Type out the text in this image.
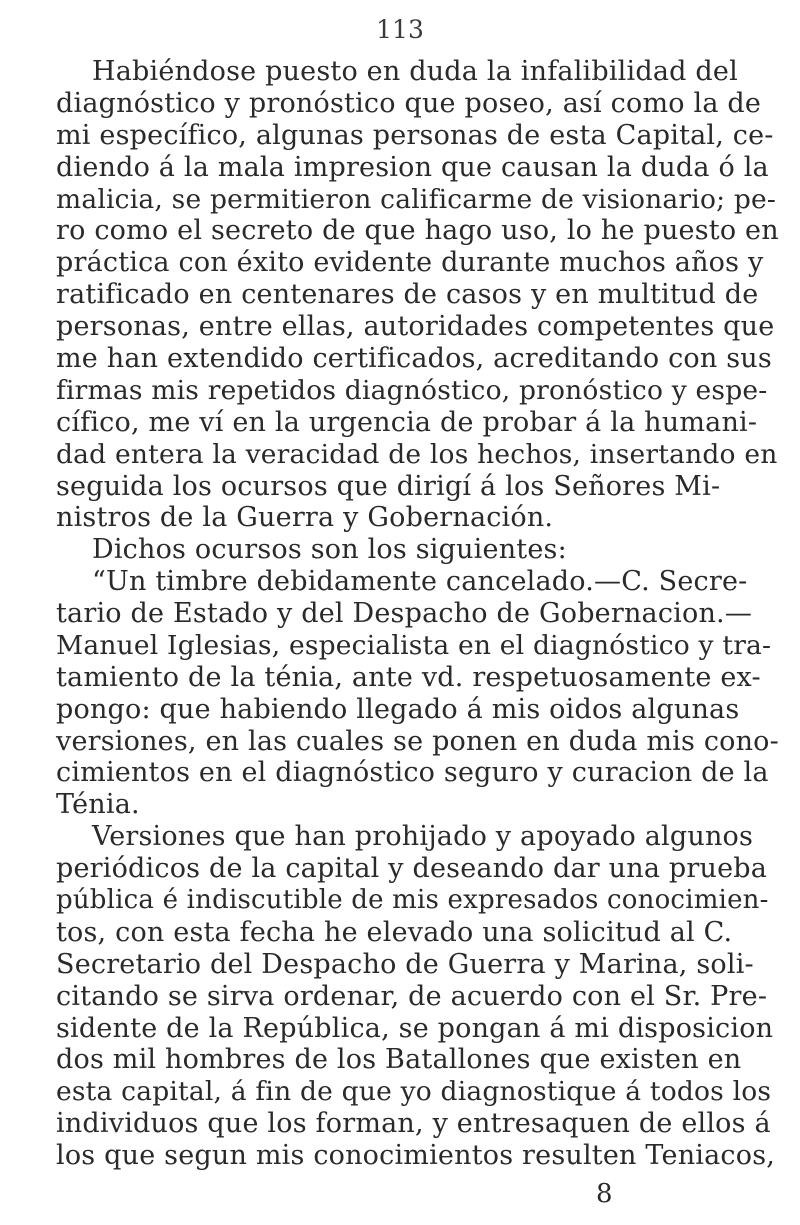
113
Habiéndose puesto en duda la infalibilidad del
diagnóstico y pronóstico que poseo, así como la de
mi específico, algunas personas de esta Capital, ce-
diendo á la mala impresion que causan la duda ó la
malicia, se permitieron calificarme de visionario; pe-
ro como el secreto de que hago uso, lo he puesto en
práctica con éxito evidente durante muchos años y
ratificado en centenares de casos y en multitud de
personas, entre ellas, autoridades competentes que
me han extendido certificados, acreditando con sus
firmas mis repetidos diagnóstico, pronóstico y espe-
cífico, me ví en la urgencia de probar á la humani-
dad entera la veracidad de los hechos, insertando en
seguida los ocursos que dirigí á los Señores Mi-
nistros de la Guerra y Gobernación.
Dichos ocursos son los siguientes:
“Un timbre debidamente cancelado.—C. Secre-
tario de Estado y del Despacho de Gobernacion.—
Manuel Iglesias, especialista en el diagnóstico y tra-
tamiento de la ténia, ante vd. respetuosamente ex-
pongo: que habiendo llegado á mis oidos algunas
versiones, en las cuales se ponen en duda mis cono-
cimientos en el diagnóstico seguro y curacion de la
Ténia.
Versiones que han prohijado y apoyado algunos
periódicos de la capital y deseando dar una prueba
pública é indiscutible de mis expresados conocimien-
tos, con esta fecha he elevado una solicitud al C.
Secretario del Despacho de Guerra y Marina, soli-
citando se sirva ordenar, de acuerdo con el Sr. Pre-
sidente de la República, se pongan á mi disposicion
dos mil hombres de los Batallones que existen en
esta capital, á fin de que yo diagnostique á todos los
individuos que los forman, y entresaquen de ellos á
los que segun mis conocimientos resulten Teniacos,
8
